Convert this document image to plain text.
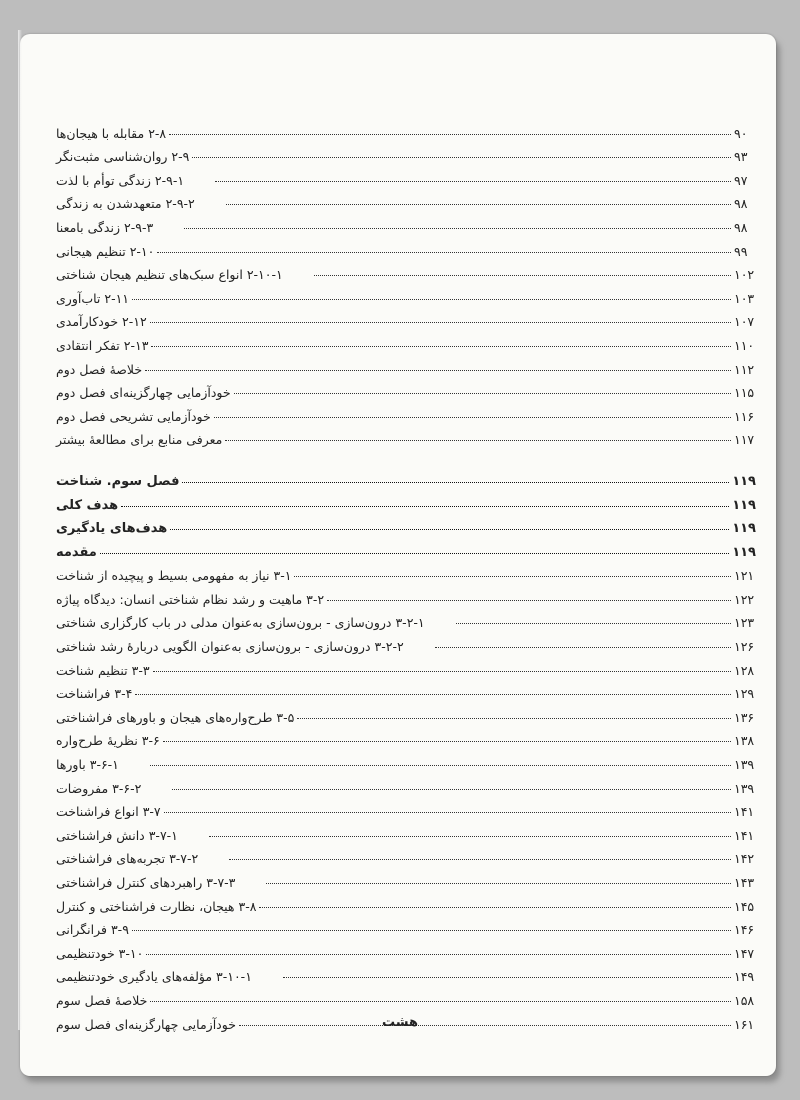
۲-۸ مقابله با هیجان‌ها	۹۰
۲-۹ روان‌شناسی مثبت‌نگر	۹۳
۲-۹-۱ زندگی توأم با لذت	۹۷
۲-۹-۲ متعهدشدن به زندگی	۹۸
۲-۹-۳ زندگی بامعنا	۹۸
۲-۱۰ تنظیم هیجانی	۹۹
۲-۱۰-۱ انواع سبک‌های تنظیم هیجان شناختی	۱۰۲
۲-۱۱ تاب‌آوری	۱۰۳
۲-۱۲ خودکارآمدی	۱۰۷
۲-۱۳ تفکر انتقادی	۱۱۰
خلاصهٔ فصل دوم	۱۱۲
خودآزمایی چهارگزینه‌ای فصل دوم	۱۱۵
خودآزمایی تشریحی فصل دوم	۱۱۶
معرفی منابع برای مطالعهٔ بیشتر	۱۱۷
فصل سوم. شناخت	۱۱۹
هدف کلی	۱۱۹
هدف‌های یادگیری	۱۱۹
مقدمه	۱۱۹
۳-۱ نیاز به مفهومی بسیط و پیچیده از شناخت	۱۲۱
۳-۲ ماهیت و رشد نظام شناختی انسان: دیدگاه پیاژه	۱۲۲
۳-۲-۱ درون‌سازی - برون‌سازی به‌عنوان مدلی در باب کارگزاری شناختی	۱۲۳
۳-۲-۲ درون‌سازی - برون‌سازی به‌عنوان الگویی دربارهٔ رشد شناختی	۱۲۶
۳-۳ تنظیم شناخت	۱۲۸
۳-۴ فراشناخت	۱۲۹
۳-۵ طرح‌واره‌های هیجان و باورهای فراشناختی	۱۳۶
۳-۶ نظریهٔ طرح‌واره	۱۳۸
۳-۶-۱ باورها	۱۳۹
۳-۶-۲ مفروضات	۱۳۹
۳-۷ انواع فراشناخت	۱۴۱
۳-۷-۱ دانش فراشناختی	۱۴۱
۳-۷-۲ تجربه‌های فراشناختی	۱۴۲
۳-۷-۳ راهبردهای کنترل فراشناختی	۱۴۳
۳-۸ هیجان، نظارت فراشناختی و کنترل	۱۴۵
۳-۹ فرانگرانی	۱۴۶
۳-۱۰ خودتنظیمی	۱۴۷
۳-۱۰-۱ مؤلفه‌های یادگیری خودتنظیمی	۱۴۹
خلاصهٔ فصل سوم	۱۵۸
خودآزمایی چهارگزینه‌ای فصل سوم	۱۶۱
هشت
